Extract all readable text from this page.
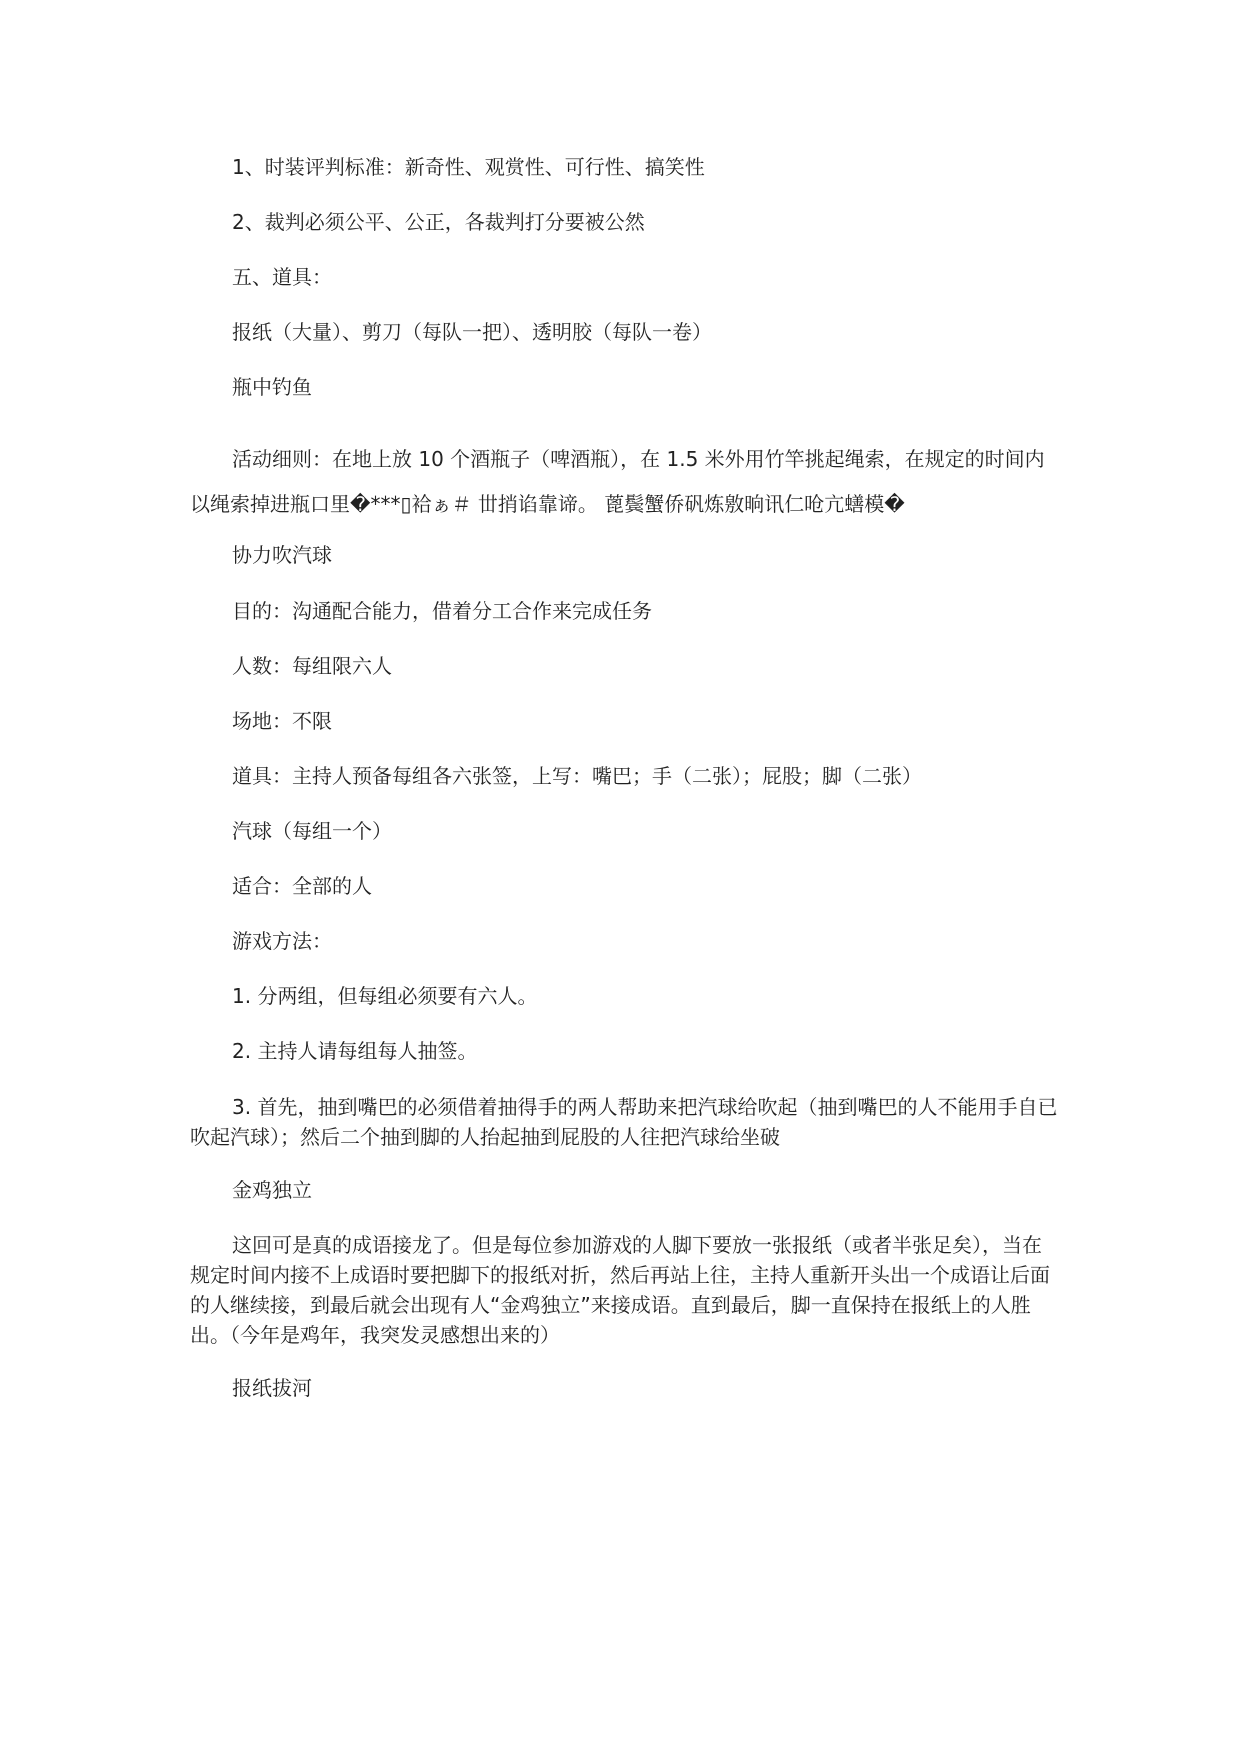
1、时装评判标准：新奇性、观赏性、可行性、搞笑性

2、裁判必须公平、公正，各裁判打分要被公然

五、道具：

报纸（大量）、剪刀（每队一把）、透明胶（每队一卷）

瓶中钓鱼

活动细则：在地上放 10 个酒瓶子（啤酒瓶），在 1.5 米外用竹竿挑起绳索，在规定的时间内以绳索掉进瓶口里�***▯袷ぁ＃ 丗捎谄靠谛。 蓖鬓蟹侨矾炼敫晌讯仁呛亢蟮模�

协力吹汽球

目的：沟通配合能力，借着分工合作来完成任务

人数：每组限六人

场地：不限

道具：主持人预备每组各六张签，上写：嘴巴；手（二张）；屁股；脚（二张）

汽球（每组一个）

适合：全部的人

游戏方法：

1. 分两组，但每组必须要有六人。

2. 主持人请每组每人抽签。

3. 首先，抽到嘴巴的必须借着抽得手的两人帮助来把汽球给吹起（抽到嘴巴的人不能用手自已吹起汽球）；然后二个抽到脚的人抬起抽到屁股的人往把汽球给坐破

金鸡独立

这回可是真的成语接龙了。但是每位参加游戏的人脚下要放一张报纸（或者半张足矣），当在规定时间内接不上成语时要把脚下的报纸对折，然后再站上往，主持人重新开头出一个成语让后面的人继续接，到最后就会出现有人“金鸡独立”来接成语。直到最后，脚一直保持在报纸上的人胜出。（今年是鸡年，我突发灵感想出来的）

报纸拔河
